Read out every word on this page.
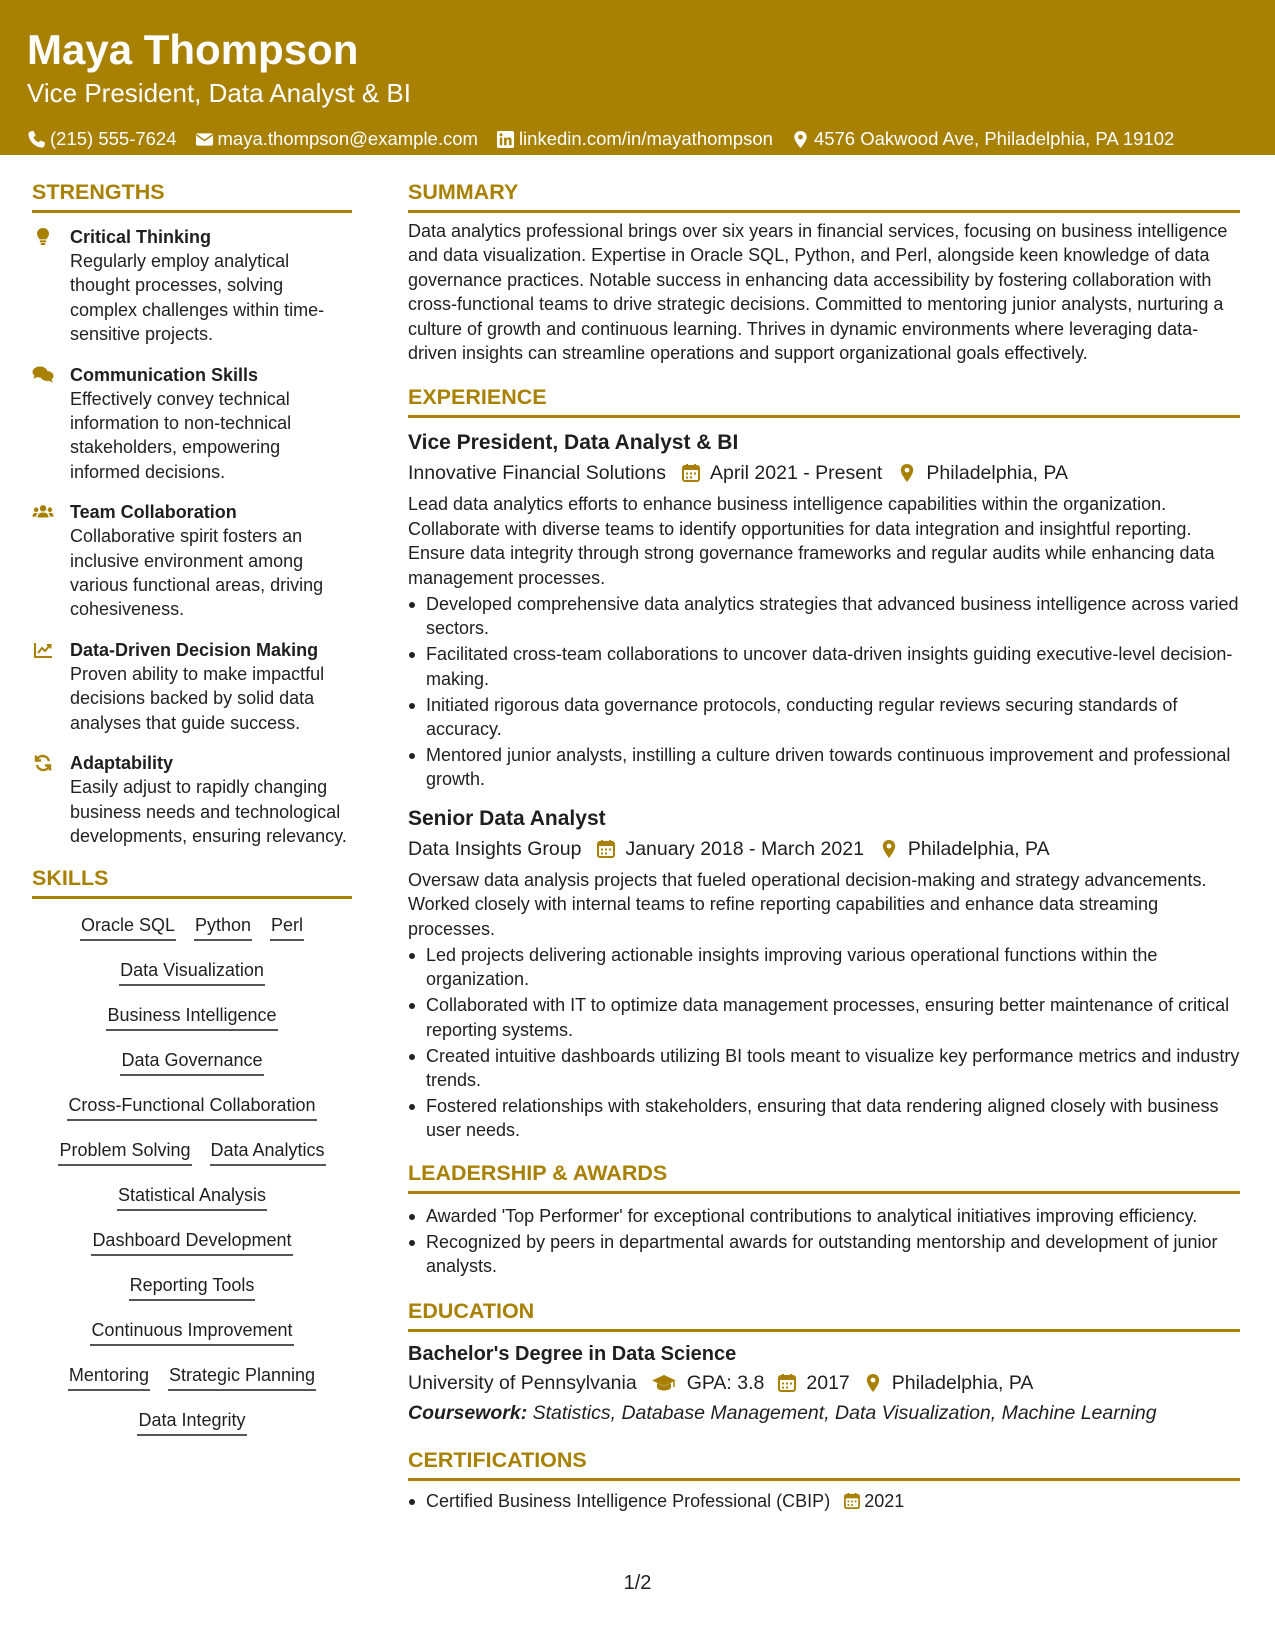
Maya Thompson
Vice President, Data Analyst & BI
(215) 555-7624 maya.thompson@example.com linkedin.com/in/mayathompson 4576 Oakwood Ave, Philadelphia, PA 19102
STRENGTHS
Critical Thinking
Regularly employ analytical thought processes, solving complex challenges within time-sensitive projects.
Communication Skills
Effectively convey technical information to non-technical stakeholders, empowering informed decisions.
Team Collaboration
Collaborative spirit fosters an inclusive environment among various functional areas, driving cohesiveness.
Data-Driven Decision Making
Proven ability to make impactful decisions backed by solid data analyses that guide success.
Adaptability
Easily adjust to rapidly changing business needs and technological developments, ensuring relevancy.
SKILLS
Oracle SQL Python Perl
Data Visualization
Business Intelligence
Data Governance
Cross-Functional Collaboration
Problem Solving Data Analytics
Statistical Analysis
Dashboard Development
Reporting Tools
Continuous Improvement
Mentoring Strategic Planning
Data Integrity
SUMMARY
Data analytics professional brings over six years in financial services, focusing on business intelligence and data visualization. Expertise in Oracle SQL, Python, and Perl, alongside keen knowledge of data governance practices. Notable success in enhancing data accessibility by fostering collaboration with cross-functional teams to drive strategic decisions. Committed to mentoring junior analysts, nurturing a culture of growth and continuous learning. Thrives in dynamic environments where leveraging data-driven insights can streamline operations and support organizational goals effectively.
EXPERIENCE
Vice President, Data Analyst & BI
Innovative Financial Solutions April 2021 - Present Philadelphia, PA
Lead data analytics efforts to enhance business intelligence capabilities within the organization. Collaborate with diverse teams to identify opportunities for data integration and insightful reporting. Ensure data integrity through strong governance frameworks and regular audits while enhancing data management processes.
Developed comprehensive data analytics strategies that advanced business intelligence across varied sectors.
Facilitated cross-team collaborations to uncover data-driven insights guiding executive-level decision-making.
Initiated rigorous data governance protocols, conducting regular reviews securing standards of accuracy.
Mentored junior analysts, instilling a culture driven towards continuous improvement and professional growth.
Senior Data Analyst
Data Insights Group January 2018 - March 2021 Philadelphia, PA
Oversaw data analysis projects that fueled operational decision-making and strategy advancements. Worked closely with internal teams to refine reporting capabilities and enhance data streaming processes.
Led projects delivering actionable insights improving various operational functions within the organization.
Collaborated with IT to optimize data management processes, ensuring better maintenance of critical reporting systems.
Created intuitive dashboards utilizing BI tools meant to visualize key performance metrics and industry trends.
Fostered relationships with stakeholders, ensuring that data rendering aligned closely with business user needs.
LEADERSHIP & AWARDS
Awarded 'Top Performer' for exceptional contributions to analytical initiatives improving efficiency.
Recognized by peers in departmental awards for outstanding mentorship and development of junior analysts.
EDUCATION
Bachelor's Degree in Data Science
University of Pennsylvania	GPA: 3.8 2017 Philadelphia, PA
Coursework: Statistics, Database Management, Data Visualization, Machine Learning
CERTIFICATIONS
Certified Business Intelligence Professional (CBIP) 2021
1/2
